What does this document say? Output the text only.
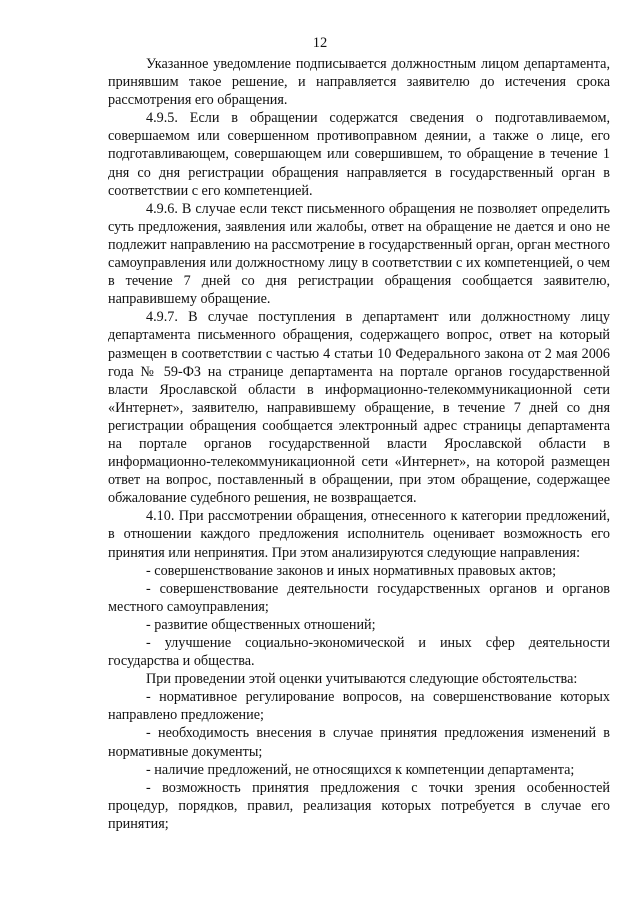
12

Указанное уведомление подписывается должностным лицом департамента, принявшим такое решение, и направляется заявителю до истечения срока рассмотрения его обращения.

4.9.5. Если в обращении содержатся сведения о подготавливаемом, совершаемом или совершенном противоправном деянии, а также о лице, его подготавливающем, совершающем или совершившем, то обращение в течение 1 дня со дня регистрации обращения направляется в государственный орган в соответствии с его компетенцией.

4.9.6. В случае если текст письменного обращения не позволяет определить суть предложения, заявления или жалобы, ответ на обращение не дается и оно не подлежит направлению на рассмотрение в государственный орган, орган местного самоуправления или должностному лицу в соответствии с их компетенцией, о чем в течение 7 дней со дня регистрации обращения сообщается заявителю, направившему обращение.

4.9.7. В случае поступления в департамент или должностному лицу департамента письменного обращения, содержащего вопрос, ответ на который размещен в соответствии с частью 4 статьи 10 Федерального закона от 2 мая 2006 года № 59-ФЗ на странице департамента на портале органов государственной власти Ярославской области в информационно-телекоммуникационной сети «Интернет», заявителю, направившему обращение, в течение 7 дней со дня регистрации обращения сообщается электронный адрес страницы департамента на портале органов государственной власти Ярославской области в информационно-телекоммуникационной сети «Интернет», на которой размещен ответ на вопрос, поставленный в обращении, при этом обращение, содержащее обжалование судебного решения, не возвращается.

4.10. При рассмотрении обращения, отнесенного к категории предложений, в отношении каждого предложения исполнитель оценивает возможность его принятия или непринятия. При этом анализируются следующие направления:

- совершенствование законов и иных нормативных правовых актов;

- совершенствование деятельности государственных органов и органов местного самоуправления;

- развитие общественных отношений;

- улучшение социально-экономической и иных сфер деятельности государства и общества.

При проведении этой оценки учитываются следующие обстоятельства:

- нормативное регулирование вопросов, на совершенствование которых направлено предложение;

- необходимость внесения в случае принятия предложения изменений в нормативные документы;

- наличие предложений, не относящихся к компетенции департамента;

- возможность принятия предложения с точки зрения особенностей процедур, порядков, правил, реализация которых потребуется в случае его принятия;
